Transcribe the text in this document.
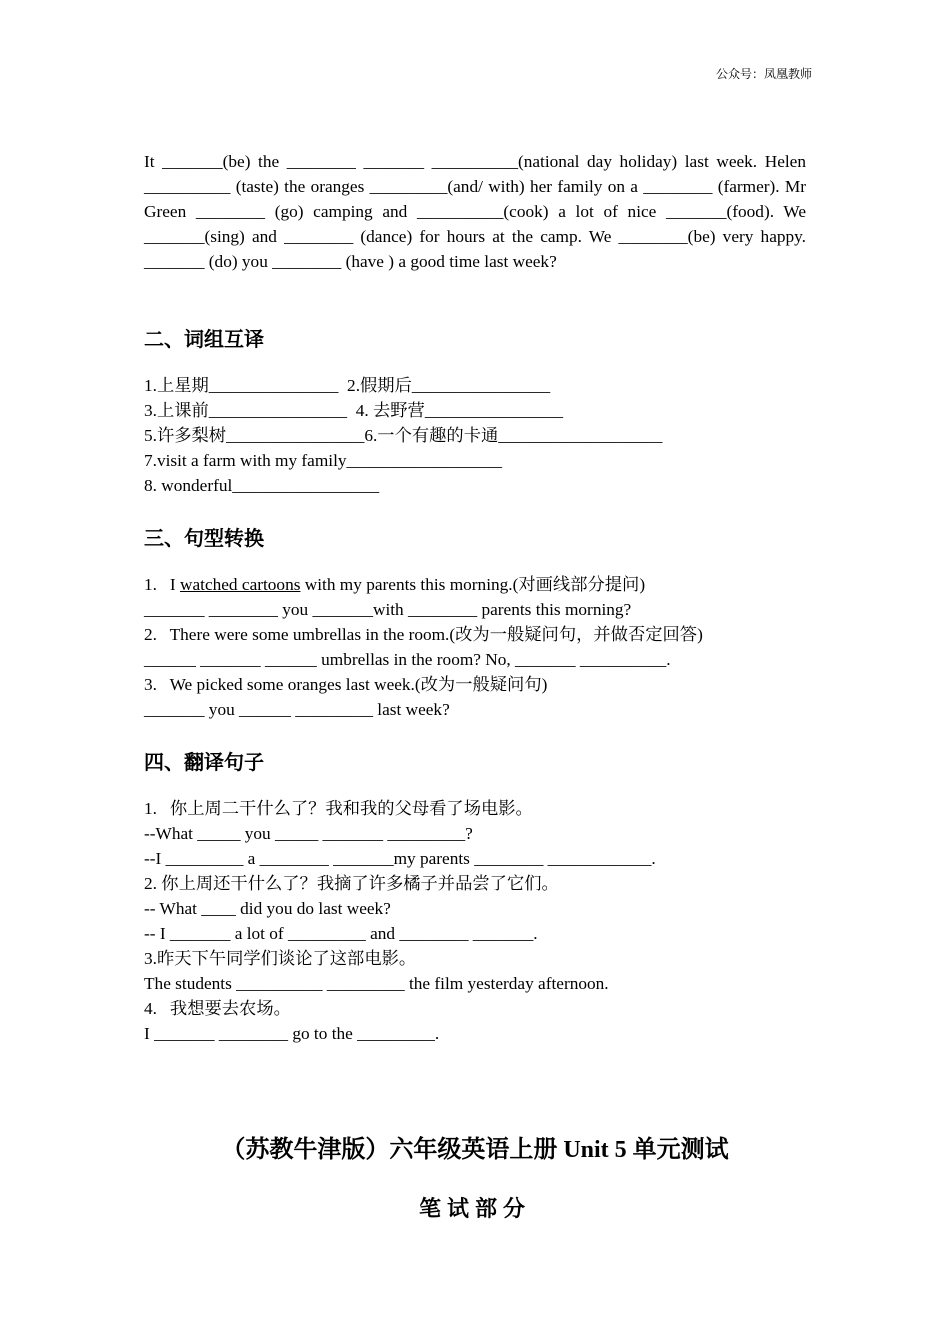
公众号：凤凰教师

It _______(be) the ________ _______ __________(national day holiday) last week. Helen __________ (taste) the oranges _________(and/ with) her family on a ________ (farmer). Mr Green ________ (go) camping and __________(cook) a lot of nice _______(food). We _______(sing) and ________ (dance) for hours at the camp. We ________(be) very happy. _______ (do) you ________ (have ) a good time last week?

二、词组互译
1.上星期_______________  2.假期后________________
3.上课前________________  4. 去野营________________
5.许多梨树________________6.一个有趣的卡通___________________
7.visit a farm with my family__________________
8. wonderful_________________
三、句型转换
1.   I watched cartoons with my parents this morning.(对画线部分提问)
_______ ________ you _______with ________ parents this morning?
2.   There were some umbrellas in the room.(改为一般疑问句，并做否定回答)
______ _______ ______ umbrellas in the room? No, _______ __________.
3.   We picked some oranges last week.(改为一般疑问句)
_______ you ______ _________ last week?
四、翻译句子
1.   你上周二干什么了？我和我的父母看了场电影。
--What _____ you _____ _______ _________?
--I _________ a ________ _______my parents ________ ____________.
2. 你上周还干什么了？我摘了许多橘子并品尝了它们。
-- What ____ did you do last week?
-- I _______ a lot of _________ and ________ _______.
3.昨天下午同学们谈论了这部电影。
The students __________ _________ the film yesterday afternoon.
4.   我想要去农场。
I _______ ________ go to the _________.
（苏教牛津版）六年级英语上册 Unit 5 单元测试
笔试部分
